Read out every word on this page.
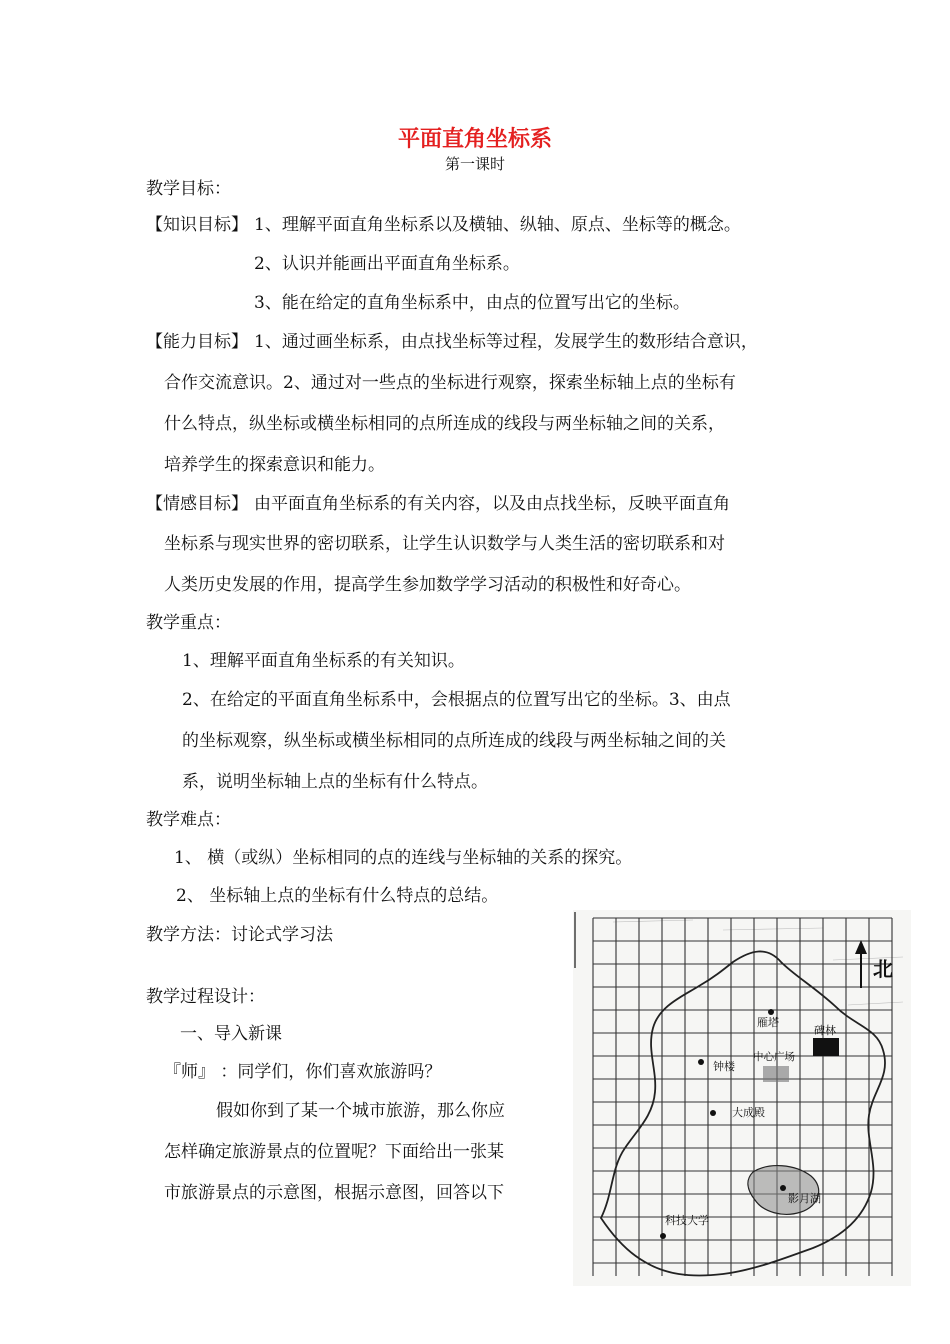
平面直角坐标系
第一课时
教学目标：
【知识目标】 1、理解平面直角坐标系以及横轴、纵轴、原点、坐标等的概念。
2、认识并能画出平面直角坐标系。
3、能在给定的直角坐标系中，由点的位置写出它的坐标。
【能力目标】 1、通过画坐标系，由点找坐标等过程，发展学生的数形结合意识，
合作交流意识。2、通过对一些点的坐标进行观察，探索坐标轴上点的坐标有
什么特点，纵坐标或横坐标相同的点所连成的线段与两坐标轴之间的关系，
培养学生的探索意识和能力。
【情感目标】 由平面直角坐标系的有关内容，以及由点找坐标，反映平面直角
坐标系与现实世界的密切联系，让学生认识数学与人类生活的密切联系和对
人类历史发展的作用，提高学生参加数学学习活动的积极性和好奇心。
教学重点：
1、理解平面直角坐标系的有关知识。
2、在给定的平面直角坐标系中，会根据点的位置写出它的坐标。3、由点
的坐标观察，纵坐标或横坐标相同的点所连成的线段与两坐标轴之间的关
系，说明坐标轴上点的坐标有什么特点。
教学难点：
1、 横（或纵）坐标相同的点的连线与坐标轴的关系的探究。
2、 坐标轴上点的坐标有什么特点的总结。
教学方法：讨论式学习法
教学过程设计：
一、导入新课
『师』 ：同学们，你们喜欢旅游吗？
假如你到了某一个城市旅游，那么你应
怎样确定旅游景点的位置呢？下面给出一张某
市旅游景点的示意图，根据示意图，回答以下
北
雁塔
碑林
中心广场
钟楼
大成殿
影月湖
科技大学
